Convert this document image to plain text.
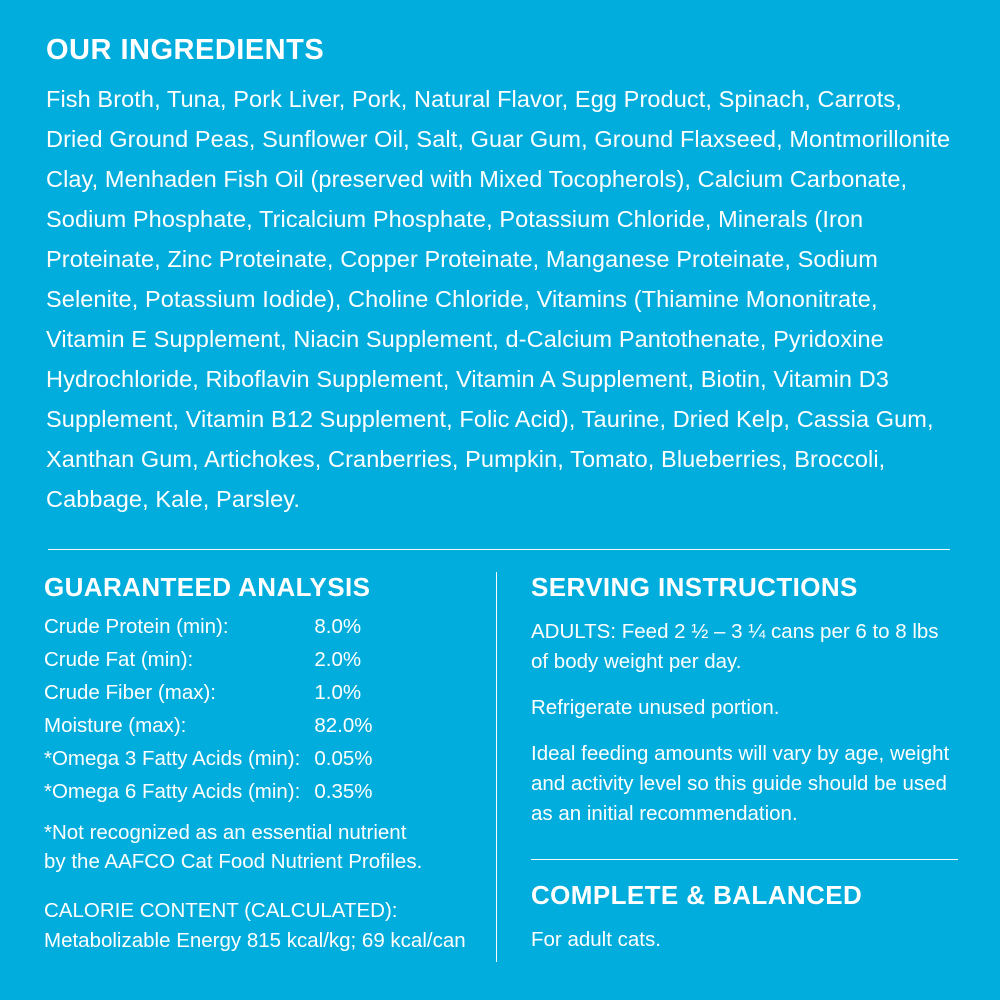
OUR INGREDIENTS
Fish Broth, Tuna, Pork Liver, Pork, Natural Flavor, Egg Product, Spinach, Carrots, Dried Ground Peas, Sunflower Oil, Salt, Guar Gum, Ground Flaxseed, Montmorillonite Clay, Menhaden Fish Oil (preserved with Mixed Tocopherols), Calcium Carbonate, Sodium Phosphate, Tricalcium Phosphate, Potassium Chloride, Minerals (Iron Proteinate, Zinc Proteinate, Copper Proteinate, Manganese Proteinate, Sodium Selenite, Potassium Iodide), Choline Chloride, Vitamins (Thiamine Mononitrate, Vitamin E Supplement, Niacin Supplement, d-Calcium Pantothenate, Pyridoxine Hydrochloride, Riboflavin Supplement, Vitamin A Supplement, Biotin, Vitamin D3 Supplement, Vitamin B12 Supplement, Folic Acid), Taurine, Dried Kelp, Cassia Gum, Xanthan Gum, Artichokes, Cranberries, Pumpkin, Tomato, Blueberries, Broccoli, Cabbage, Kale, Parsley.
GUARANTEED ANALYSIS
Crude Protein (min):	8.0%
Crude Fat (min):	2.0%
Crude Fiber (max):	1.0%
Moisture (max):	82.0%
*Omega 3 Fatty Acids (min):	0.05%
*Omega 6 Fatty Acids (min):	0.35%
*Not recognized as an essential nutrient
by the AAFCO Cat Food Nutrient Profiles.
CALORIE CONTENT (CALCULATED):
Metabolizable Energy 815 kcal/kg; 69 kcal/can
SERVING INSTRUCTIONS

ADULTS: Feed 2 ½ – 3 ¼ cans per 6 to 8 lbs of body weight per day.

Refrigerate unused portion.

Ideal feeding amounts will vary by age, weight and activity level so this guide should be used as an initial recommendation.

COMPLETE & BALANCED
For adult cats.
